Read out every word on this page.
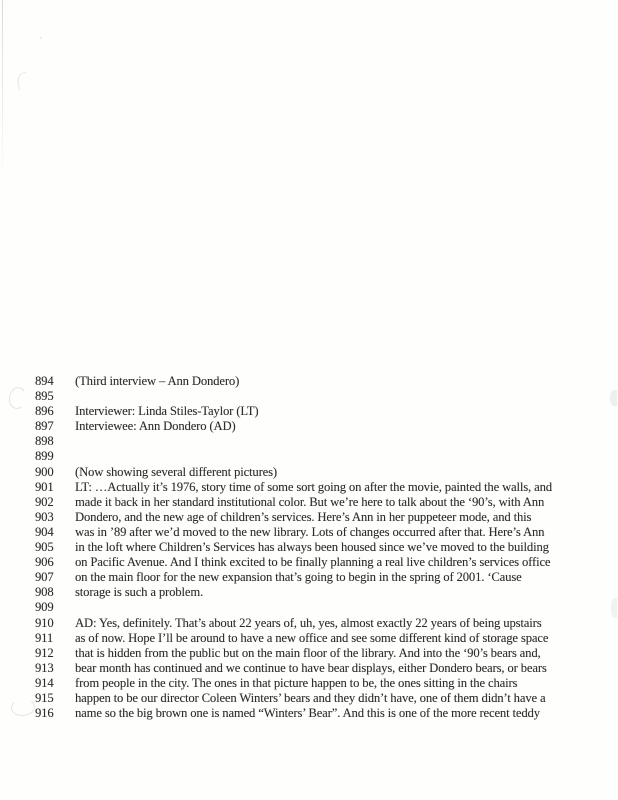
894	(Third interview – Ann Dondero)
895
896	Interviewer: Linda Stiles-Taylor (LT)
897	Interviewee: Ann Dondero (AD)
898
899
900	(Now showing several different pictures)
901	LT: …Actually it’s 1976, story time of some sort going on after the movie, painted the walls, and
902	made it back in her standard institutional color. But we’re here to talk about the ‘90’s, with Ann
903	Dondero, and the new age of children’s services. Here’s Ann in her puppeteer mode, and this
904	was in ’89 after we’d moved to the new library. Lots of changes occurred after that. Here’s Ann
905	in the loft where Children’s Services has always been housed since we’ve moved to the building
906	on Pacific Avenue. And I think excited to be finally planning a real live children’s services office
907	on the main floor for the new expansion that’s going to begin in the spring of 2001. ‘Cause
908	storage is such a problem.
909
910	AD: Yes, definitely. That’s about 22 years of, uh, yes, almost exactly 22 years of being upstairs
911	as of now. Hope I’ll be around to have a new office and see some different kind of storage space
912	that is hidden from the public but on the main floor of the library. And into the ‘90’s bears and,
913	bear month has continued and we continue to have bear displays, either Dondero bears, or bears
914	from people in the city. The ones in that picture happen to be, the ones sitting in the chairs
915	happen to be our director Coleen Winters’ bears and they didn’t have, one of them didn’t have a
916	name so the big brown one is named “Winters’ Bear”. And this is one of the more recent teddy
